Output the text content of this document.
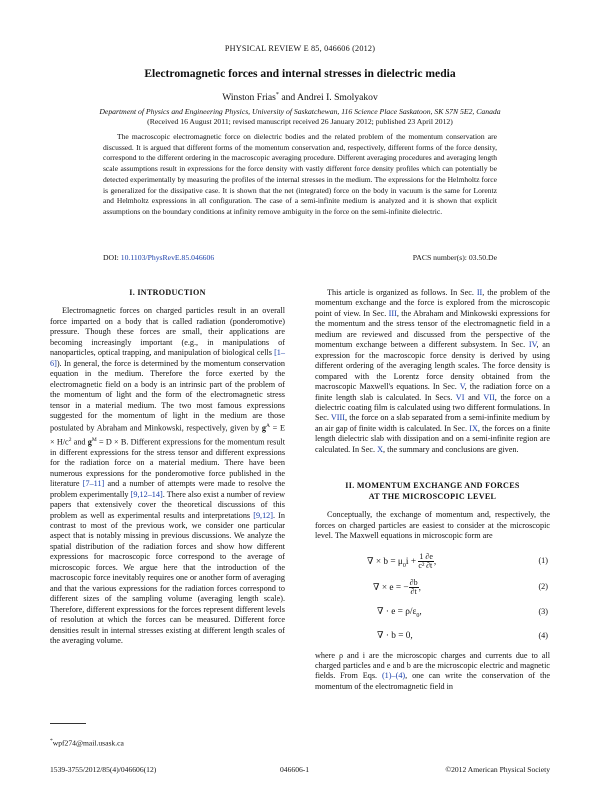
PHYSICAL REVIEW E 85, 046606 (2012)
Electromagnetic forces and internal stresses in dielectric media
Winston Frias* and Andrei I. Smolyakov
Department of Physics and Engineering Physics, University of Saskatchewan, 116 Science Place Saskatoon, SK S7N 5E2, Canada
(Received 16 August 2011; revised manuscript received 26 January 2012; published 23 April 2012)
The macroscopic electromagnetic force on dielectric bodies and the related problem of the momentum conservation are discussed. It is argued that different forms of the momentum conservation and, respectively, different forms of the force density, correspond to the different ordering in the macroscopic averaging procedure. Different averaging procedures and averaging length scale assumptions result in expressions for the force density with vastly different force density profiles which can potentially be detected experimentally by measuring the profiles of the internal stresses in the medium. The expressions for the Helmholtz force is generalized for the dissipative case. It is shown that the net (integrated) force on the body in vacuum is the same for Lorentz and Helmholtz expressions in all configuration. The case of a semi-infinite medium is analyzed and it is shown that explicit assumptions on the boundary conditions at infinity remove ambiguity in the force on the semi-infinite dielectric.
DOI: 10.1103/PhysRevE.85.046606	PACS number(s): 03.50.De
I. INTRODUCTION

Electromagnetic forces on charged particles result in an overall force imparted on a body that is called radiation (ponderomotive) pressure. Though these forces are small, their applications are becoming increasingly important (e.g., in manipulations of nanoparticles, optical trapping, and manipulation of biological cells [1–6]). In general, the force is determined by the momentum conservation equation in the medium. Therefore the force exerted by the electromagnetic field on a body is an intrinsic part of the problem of the momentum of light and the form of the electromagnetic stress tensor in a material medium. The two most famous expressions suggested for the momentum of light in the medium are those postulated by Abraham and Minkowski, respectively, given by $g^A = E \times H/c^2$ and $g^M = D \times B$. Different expressions for the momentum result in different expressions for the stress tensor and different expressions for the radiation force on a material medium. There have been numerous expressions for the ponderomotive force published in the literature [7–11] and a number of attempts were made to resolve the problem experimentally [9,12–14]. There also exist a number of review papers that extensively cover the theoretical discussions of this problem as well as experimental results and interpretations [9,12]. In contrast to most of the previous work, we consider one particular aspect that is notably missing in previous discussions. We analyze the spatial distribution of the radiation forces and show how different expressions for macroscopic force correspond to the average of microscopic forces. We argue here that the introduction of the macroscopic force inevitably requires one or another form of averaging and that the various expressions for the radiation forces correspond to different sizes of the sampling volume (averaging length scale). Therefore, different expressions for the forces represent different levels of resolution at which the forces can be measured. Different force densities result in internal stresses existing at different length scales of the averaging volume.

This article is organized as follows. In Sec. II, the problem of the momentum exchange and the force is explored from the microscopic point of view. In Sec. III, the Abraham and Minkowski expressions for the momentum and the stress tensor of the electromagnetic field in a medium are reviewed and discussed from the perspective of the momentum exchange between a different subsystem. In Sec. IV, an expression for the macroscopic force density is derived by using different ordering of the averaging length scales. The force density is compared with the Lorentz force density obtained from the macroscopic Maxwell's equations. In Sec. V, the radiation force on a finite length slab is calculated. In Secs. VI and VII, the force on a dielectric coating film is calculated using two different formulations. In Sec. VIII, the force on a slab separated from a semi-infinite medium by an air gap of finite width is calculated. In Sec. IX, the forces on a finite length dielectric slab with dissipation and on a semi-infinite region are calculated. In Sec. X, the summary and conclusions are given.

II. MOMENTUM EXCHANGE AND FORCES
AT THE MICROSCOPIC LEVEL

Conceptually, the exchange of momentum and, respectively, the forces on charged particles are easiest to consider at the microscopic level. The Maxwell equations in microscopic form are

∇ × $b = \mu_0i + \frac{1}{\text{c²}} \frac{\partial e}{\partial t}$ ,	(1)
∇ × e = − $\frac{\partial b}{\partial t}$ ,	(2)
∇ · $e = \rho/\varepsilon_0$,	(3)
∇ · b = 0,	(4)

where ρ and i are the microscopic charges and currents due to all charged particles and e and b are the microscopic electric and magnetic fields. From Eqs. (1)–(4), one can write the conservation of the momentum of the electromagnetic field in

*wpf274@mail.usask.ca
1539-3755/2012/85(4)/046606(12)	046606-1	©2012 American Physical Society
